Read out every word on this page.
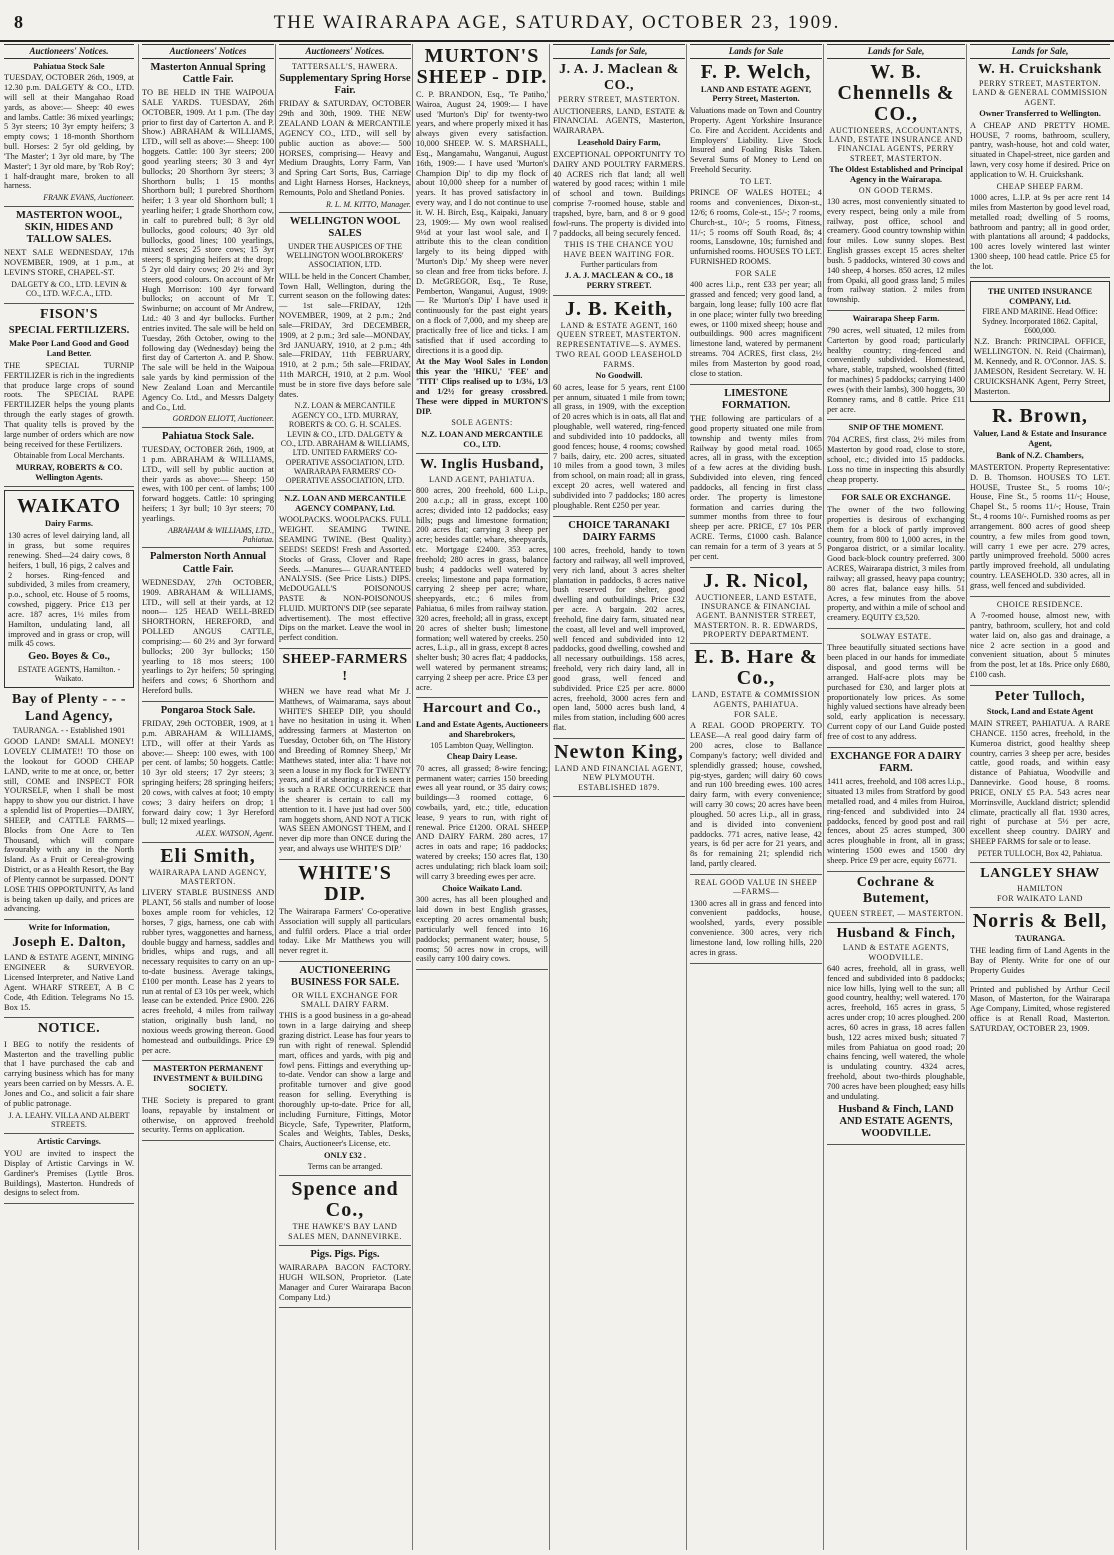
8	THE WAIRARAPA AGE, SATURDAY, OCTOBER 23, 1909.
Auctioneers' Notices.
Pahiatua Stock Sale
TUESDAY, OCTOBER 26th, 1909, at 12.30 p.m. DALGETY & CO., LTD. will sell at their Mangahao Road yards, as above:— Sheep: 40 ewes and lambs. Cattle: 36 mixed yearlings; 5 3yr steers; 10 3yr empty heifers; 3 empty cows; 1 18-month Shorthorn bull. Horses: 2 5yr old gelding, by 'The Master'; 1 3yr old mare, by 'The Master'; 1 3yr old mare, by 'Rob Roy'; 1 half-draught mare, broken to all harness.
FRANK EVANS, Auctioneer.
MASTERTON WOOL, SKIN, HIDES AND TALLOW SALES.
NEXT SALE WEDNESDAY, 17th NOVEMBER, 1909, at 1 p.m., at LEVIN'S STORE, CHAPEL-ST.
DALGETY & CO., LTD. LEVIN & CO., LTD. W.F.C.A., LTD.
FISON'S
SPECIAL FERTILIZERS.
Make Poor Land Good and Good Land Better.
THE SPECIAL TURNIP FERTILIZER is rich in the ingredients that produce large crops of sound roots. The SPECIAL RAPE FERTILIZER helps the young plants through the early stages of growth. That quality tells is proved by the large number of orders which are now being received for these Fertilizers.
Obtainable from Local Merchants.
MURRAY, ROBERTS & CO. Wellington Agents.
WAIKATO
Dairy Farms.
130 acres of level dairying land, all in grass, but some requires renewing. Shed—24 dairy cows, 8 heifers, 1 bull, 16 pigs, 2 calves and 2 horses. Ring-fenced and subdivided, 3 miles from creamery, p.o., school, etc. House of 5 rooms, cowshed, piggery. Price £13 per acre. 187 acres, 1½ miles from Hamilton, undulating land, all improved and in grass or crop, will milk 45 cows.
Geo. Boyes & Co.,
ESTATE AGENTS, Hamilton. - Waikato.
Bay of Plenty - - - Land Agency,
TAURANGA. - - Established 1901
GOOD LAND! SMALL MONEY! LOVELY CLIMATE!! TO those on the lookout for GOOD CHEAP LAND, write to me at once, or, better still, COME and INSPECT FOR YOURSELF, when I shall be most happy to show you our district. I have a splendid list of Properties—DAIRY, SHEEP, and CATTLE FARMS—Blocks from One Acre to Ten Thousand, which will compare favourably with any in the North Island. As a Fruit or Cereal-growing District, or as a Health Resort, the Bay of Plenty cannot be surpassed. DON'T LOSE THIS OPPORTUNITY, As land is being taken up daily, and prices are advancing.
Write for Information,
Joseph E. Dalton,
LAND & ESTATE AGENT, MINING ENGINEER & SURVEYOR. Licensed Interpreter, and Native Land Agent. WHARF STREET, A B C Code, 4th Edition. Telegrams No 15. Box 15.
NOTICE.
I BEG to notify the residents of Masterton and the travelling public that I have purchased the cab and carrying business which has for many years been carried on by Messrs. A. E. Jones and Co., and solicit a fair share of public patronage.
J. A. LEAHY. VILLA AND ALBERT STREETS.
Artistic Carvings.
YOU are invited to inspect the Display of Artistic Carvings in W. Gardiner's Premises (Lyttle Bros. Buildings), Masterton. Hundreds of designs to select from.
Auctioneers' Notices
Masterton Annual Spring Cattle Fair.
TO BE HELD IN THE WAIPOUA SALE YARDS. TUESDAY, 26th OCTOBER, 1909. At 1 p.m. (The day prior to first day of Carterton A. and P. Show.) ABRAHAM & WILLIAMS, LTD., will sell as above:— Sheep: 100 hoggets. Cattle: 100 3yr steers; 200 good yearling steers; 30 3 and 4yr bullocks; 20 Shorthorn 3yr steers; 3 Shorthorn bulls; 1 15 months Shorthorn bull; 1 purebred Shorthorn heifer; 1 3 year old Shorthorn bull; 1 yearling heifer; 1 grade Shorthorn cow, in calf to purebred bull; 8 3yr old bullocks, good colours; 40 3yr old bullocks, good lines; 100 yearlings, mixed sexes; 25 store cows; 15 3yr steers; 8 springing heifers at the drop; 5 2yr old dairy cows; 20 2½ and 3yr steers, good colours. On account of Mr Hugh Morrison: 100 4yr forward bullocks; on account of Mr T. Swinburne; on account of Mr Andrew, Ltd.: 40 3 and 4yr bullocks. Further entries invited. The sale will be held on Tuesday, 26th October, owing to the following day (Wednesday) being the first day of Carterton A. and P. Show. The sale will be held in the Waipoua sale yards by kind permission of the New Zealand Loan and Mercantile Agency Co. Ltd., and Messrs Dalgety and Co., Ltd.
GORDON ELIOTT, Auctioneer.
Pahiatua Stock Sale.
TUESDAY, OCTOBER 26th, 1909, at 1 p.m. ABRAHAM & WILLIAMS, LTD., will sell by public auction at their yards as above:— Sheep: 150 ewes, with 100 per cent. of lambs; 100 forward hoggets. Cattle: 10 springing heifers; 1 3yr bull; 10 3yr steers; 70 yearlings.
ABRAHAM & WILLIAMS, LTD., Pahiatua.
Palmerston North Annual Cattle Fair.
WEDNESDAY, 27th OCTOBER, 1909. ABRAHAM & WILLIAMS, LTD., will sell at their yards, at 12 noon— 125 HEAD WELL-BRED SHORTHORN, HEREFORD, and POLLED ANGUS CATTLE, comprising:— 60 2½ and 3yr forward bullocks; 200 3yr bullocks; 150 yearling to 18 mos steers; 100 yearlings to 2yr heifers; 50 springing heifers and cows; 6 Shorthorn and Hereford bulls.
Pongaroa Stock Sale.
FRIDAY, 29th OCTOBER, 1909, at 1 p.m. ABRAHAM & WILLIAMS, LTD., will offer at their Yards as above:— Sheep: 100 ewes, with 100 per cent. of lambs; 50 hoggets. Cattle: 10 3yr old steers; 17 2yr steers; 3 springing heifers; 28 springing heifers; 20 cows, with calves at foot; 10 empty cows; 3 dairy heifers on drop; 1 forward dairy cow; 1 3yr Hereford bull; 12 mixed yearlings.
ALEX. WATSON, Agent.
Eli Smith,
WAIRARAPA LAND AGENCY, MASTERTON.
LIVERY STABLE BUSINESS AND PLANT, 56 stalls and number of loose boxes ample room for vehicles, 12 horses, 7 gigs, harness, one cab with rubber tyres, waggonettes and harness, double buggy and harness, saddles and bridles, whips and rugs, and all necessary requisites to carry on an up-to-date business. Average takings, £100 per month. Lease has 2 years to run at rental of £3 10s per week, which lease can be extended. Price £900. 226 acres freehold, 4 miles from railway station, originally bush land, no noxious weeds growing thereon. Good homestead and outbuildings. Price £9 per acre.
MASTERTON PERMANENT INVESTMENT & BUILDING SOCIETY.
THE Society is prepared to grant loans, repayable by instalment or otherwise, on approved freehold security. Terms on application.
Auctioneers' Notices.
TATTERSALL'S, HAWERA.
Supplementary Spring Horse Fair.
FRIDAY & SATURDAY, OCTOBER 29th and 30th, 1909. THE NEW ZEALAND LOAN & MERCANTILE AGENCY CO., LTD., will sell by public auction as above:— 500 HORSES, comprising— Heavy and Medium Draughts, Lorry Farm, Van and Spring Cart Sorts, Bus, Carriage and Light Harness Horses, Hackneys, Remounts, Polo and Shetland Ponies.
R. L. M. KITTO, Manager.
WELLINGTON WOOL SALES
UNDER THE AUSPICES OF THE WELLINGTON WOOLBROKERS' ASSOCIATION, LTD.
WILL be held in the Concert Chamber, Town Hall, Wellington, during the current season on the following dates:— 1st sale—FRIDAY, 12th NOVEMBER, 1909, at 2 p.m.; 2nd sale—FRIDAY, 3rd DECEMBER, 1909, at 2 p.m.; 3rd sale—MONDAY, 3rd JANUARY, 1910, at 2 p.m.; 4th sale—FRIDAY, 11th FEBRUARY, 1910, at 2 p.m.; 5th sale—FRIDAY, 11th MARCH, 1910, at 2 p.m. Wool must be in store five days before sale dates.
N.Z. LOAN & MERCANTILE AGENCY CO., LTD. MURRAY, ROBERTS & CO. G. H. SCALES. LEVIN & CO., LTD. DALGETY & CO., LTD. ABRAHAM & WILLIAMS, LTD. UNITED FARMERS' CO-OPERATIVE ASSOCIATION, LTD. WAIRARAPA FARMERS' CO-OPERATIVE ASSOCIATION, LTD.
N.Z. LOAN AND MERCANTILE AGENCY COMPANY, Ltd.
WOOLPACKS. WOOLPACKS. FULL WEIGHT. SEAMING TWINE. SEAMING TWINE. (Best Quality.) SEEDS! SEEDS! Fresh and Assorted. Stocks of Grass, Clover and Rape Seeds. —Manures— GUARANTEED ANALYSIS. (See Price Lists.) DIPS. McDOUGALL'S POISONOUS PASTE & NON-POISONOUS FLUID. MURTON'S DIP (see separate advertisement). The most effective Dips on the market. Leave the wool in perfect condition.
SHEEP-FARMERS !
WHEN we have read what Mr J. Matthews, of Waimarama, says about WHITE'S SHEEP DIP, you should have no hesitation in using it. When addressing farmers at Masterton on Tuesday, October 6th, on 'The History and Breeding of Romney Sheep,' Mr Matthews stated, inter alia: 'I have not seen a louse in my flock for TWENTY years, and if at shearing a tick is seen it is such a RARE OCCURRENCE that the shearer is certain to call my attention to it. I have just had over 500 ram hoggets shorn, AND NOT A TICK WAS SEEN AMONGST THEM, and I never dip more than ONCE during the year, and always use WHITE'S DIP.'
WHITE'S DIP.
The Wairarapa Farmers' Co-operative Association will supply all particulars and fulfil orders. Place a trial order today. Like Mr Matthews you will never regret it.
AUCTIONEERING BUSINESS FOR SALE.
OR WILL EXCHANGE FOR SMALL DAIRY FARM.
THIS is a good business in a go-ahead town in a large dairying and sheep grazing district. Lease has four years to run with right of renewal. Splendid mart, offices and yards, with pig and fowl pens. Fittings and everything up-to-date. Vendor can show a large and profitable turnover and give good reason for selling. Everything is thoroughly up-to-date. Price for all, including Furniture, Fittings, Motor Bicycle, Safe, Typewriter, Platform, Scales and Weights, Tables, Desks, Chairs, Auctioneer's License, etc.
ONLY £32 .
Terms can be arranged.
Spence and Co.,
THE HAWKE'S BAY LAND SALES MEN, DANNEVIRKE.
Pigs. Pigs. Pigs.
WAIRARAPA BACON FACTORY. HUGH WILSON, Proprietor. (Late Manager and Curer Wairarapa Bacon Company Ltd.)
MURTON'S SHEEP - DIP.
C. P. BRANDON, Esq., 'Te Patiho,' Wairoa, August 24, 1909:— I have used 'Murton's Dip' for twenty-two years, and where properly mixed it has always given every satisfaction. 10,000 SHEEP. W. S. MARSHALL, Esq., Mangamahu, Wanganui, August 16th, 1909:— I have used 'Murton's Champion Dip' to dip my flock of about 10,000 sheep for a number of years. It has proved satisfactory in every way, and I do not continue to use it. W. H. Birch, Esq., Kaipaki, January 23, 1909:— My own wool realised 9½d at your last wool sale, and I attribute this to the clean condition largely to its being dipped with 'Murton's Dip.' My sheep were never so clean and free from ticks before. J. D. McGREGOR, Esq., Te Ruse, Pemberton, Wanganui, August, 1909:— Re 'Murton's Dip' I have used it continuously for the past eight years on a flock of 7,000, and my sheep are practically free of lice and ticks. I am satisfied that if used according to directions it is a good dip.
At the May Wool Sales in London this year the 'HIKU,' 'FEE' and 'TITI' Clips realised up to 1/3¼, 1/3 and 1/2½ for greasy crossbred. These were dipped in MURTON'S DIP.
SOLE AGENTS:
N.Z. LOAN AND MERCANTILE CO., LTD.
W. Inglis Husband,
LAND AGENT, PAHIATUA.
800 acres, 200 freehold, 600 L.i.p., 200 a.c.p.; all in grass, except 100 acres; divided into 12 paddocks; easy hills; pugs and limestone formation; 200 acres flat; carrying 3 sheep per acre; besides cattle; whare, sheepyards, etc. Mortgage £2400. 353 acres, freehold; 280 acres in grass, balance bush; 4 paddocks well watered by creeks; limestone and papa formation; carrying 2 sheep per acre; whare, sheepyards, etc.; 6 miles from Pahiatua, 6 miles from railway station. 320 acres, freehold; all in grass, except 20 acres of shelter bush; limestone formation; well watered by creeks. 250 acres, L.i.p., all in grass, except 8 acres shelter bush; 30 acres flat; 4 paddocks, well watered by permanent streams; carrying 2 sheep per acre. Price £3 per acre.
Harcourt and Co.,
Land and Estate Agents, Auctioneers and Sharebrokers,
105 Lambton Quay, Wellington.
Cheap Dairy Lease.
70 acres, all grassed; 8-wire fencing; permanent water; carries 150 breeding ewes all year round, or 35 dairy cows; buildings—3 roomed cottage, 6 cowbails, yard, etc.; title, education lease, 9 years to run, with right of renewal. Price £1200. ORAL SHEEP AND DAIRY FARM. 280 acres, 17 acres in oats and rape; 16 paddocks; watered by creeks; 150 acres flat, 130 acres undulating; rich black loam soil; will carry 3 breeding ewes per acre.
Choice Waikato Land.
300 acres, has all been ploughed and laid down in best English grasses, excepting 20 acres ornamental bush; particularly well fenced into 16 paddocks; permanent water; house, 5 rooms; 50 acres now in crops, will easily carry 100 dairy cows.
Lands for Sale,
J. A. J. Maclean & CO.,
PERRY STREET, MASTERTON.
AUCTIONEERS, LAND, ESTATE & FINANCIAL AGENTS, Masterton, WAIRARAPA.
Leasehold Dairy Farm,
EXCEPTIONAL OPPORTUNITY TO DAIRY AND POULTRY FARMERS. 40 ACRES rich flat land; all well watered by good races; within 1 mile of school and town. Buildings comprise 7-roomed house, stable and trapshed, byre, barn, and 8 or 9 good fowl-runs. The property is divided into 7 paddocks, all being securely fenced.
THIS IS THE CHANCE YOU HAVE BEEN WAITING FOR.
Further particulars from
J. A. J. MACLEAN & CO., 18 PERRY STREET.
J. B. Keith,
LAND & ESTATE AGENT, 160 QUEEN STREET, MASTERTON. REPRESENTATIVE—S. AYMES.
TWO REAL GOOD LEASEHOLD FARMS.
No Goodwill.
60 acres, lease for 5 years, rent £100 per annum, situated 1 mile from town; all grass, in 1909, with the exception of 20 acres which is in oats, all flat and ploughable, well watered, ring-fenced and subdivided into 10 paddocks, all good fences; house, 4 rooms; cowshed 7 bails, dairy, etc. 200 acres, situated 10 miles from a good town, 3 miles from school, on main road; all in grass, except 20 acres, well watered and subdivided into 7 paddocks; 180 acres ploughable. Rent £250 per year.
CHOICE TARANAKI DAIRY FARMS
100 acres, freehold, handy to town factory and railway, all well improved, very rich land, about 3 acres shelter plantation in paddocks, 8 acres native bush reserved for shelter, good dwelling and outbuildings. Price £32 per acre. A bargain. 202 acres, freehold, fine dairy farm, situated near the coast, all level and well improved, well fenced and subdivided into 12 paddocks, good dwelling, cowshed and all necessary outbuildings. 158 acres, freehold, very rich dairy land, all in good grass, well fenced and subdivided. Price £25 per acre. 8000 acres, freehold, 3000 acres fern and open land, 5000 acres bush land, 4 miles from station, including 600 acres flat.
Newton King,
LAND AND FINANCIAL AGENT, NEW PLYMOUTH. ESTABLISHED 1879.
Lands for Sale
F. P. Welch,
LAND AND ESTATE AGENT, Perry Street, Masterton.
Valuations made on Town and Country Property. Agent Yorkshire Insurance Co. Fire and Accident. Accidents and Employers' Liability. Live Stock Insured and Foaling Risks Taken. Several Sums of Money to Lend on Freehold Security.
TO LET.
PRINCE OF WALES HOTEL; 4 rooms and conveniences, Dixon-st., 12/6; 6 rooms, Cole-st., 15/-; 7 rooms, Church-st., 10/-; 5 rooms, Fitness, 11/-; 5 rooms off South Road, 8s; 4 rooms, Lansdowne, 10s; furnished and unfurnished rooms. HOUSES TO LET. FURNISHED ROOMS.
FOR SALE
400 acres l.i.p., rent £33 per year; all grassed and fenced; very good land, a bargain, long lease; fully 100 acre flat in one place; winter fully two breeding ewes, or 1100 mixed sheep; house and outbuildings. 900 acres magnificent limestone land, watered by permanent streams. 704 ACRES, first class, 2½ miles from Masterton by good road, close to station.
LIMESTONE FORMATION.
THE following are particulars of a good property situated one mile from township and twenty miles from Railway by good metal road. 1065 acres, all in grass, with the exception of a few acres at the dividing bush. Subdivided into eleven, ring fenced paddocks, all fencing in first class order. The property is limestone formation and carries during the summer months from three to four sheep per acre. PRICE, £7 10s PER ACRE. Terms, £1000 cash. Balance can remain for a term of 3 years at 5 per cent.
J. R. Nicol,
AUCTIONEER, LAND ESTATE, INSURANCE & FINANCIAL AGENT. BANNISTER STREET, MASTERTON. R. R. EDWARDS, PROPERTY DEPARTMENT.
E. B. Hare & Co.,
LAND, ESTATE & COMMISSION AGENTS, PAHIATUA.
FOR SALE.
A REAL GOOD PROPERTY. TO LEASE—A real good dairy farm of 200 acres, close to Ballance Company's factory; well divided and splendidly grassed; house, cowshed, pig-styes, garden; will dairy 60 cows and run 100 breeding ewes. 100 acres dairy farm, with every convenience; will carry 30 cows; 20 acres have been ploughed. 50 acres l.i.p., all in grass, and is divided into convenient paddocks. 771 acres, native lease, 42 years, is 6d per acre for 21 years, and 8s for remaining 21; splendid rich land, partly cleared.
REAL GOOD VALUE IN SHEEP —FARMS—
1300 acres all in grass and fenced into convenient paddocks, house, woolshed, yards, every possible convenience. 300 acres, very rich limestone land, low rolling hills, 220 acres in grass.
Lands for Sale,
W. B. Chennells & CO.,
AUCTIONEERS, ACCOUNTANTS, LAND, ESTATE INSURANCE AND FINANCIAL AGENTS, PERRY STREET, MASTERTON.
The Oldest Established and Principal Agency in the Wairarapa.
ON GOOD TERMS.
130 acres, most conveniently situated to every respect, being only a mile from railway, post office, school and creamery. Good country township within four miles. Low sunny slopes. Best English grasses except 15 acres shelter bush. 5 paddocks, wintered 30 cows and 140 sheep, 4 horses. 850 acres, 12 miles from Opaki, all good grass land; 5 miles from railway station. 2 miles from township.
Wairarapa Sheep Farm.
790 acres, well situated, 12 miles from Carterton by good road; particularly healthy country; ring-fenced and conveniently subdivided. Homestead, whare, stable, trapshed, woolshed (fitted for machines) 5 paddocks; carrying 1400 ewes (with their lambs), 300 hoggets, 30 Romney rams, and 8 cattle. Price £11 per acre.
SNIP OF THE MOMENT.
704 ACRES, first class, 2½ miles from Masterton by good road, close to store, school, etc.; divided into 15 paddocks. Loss no time in inspecting this absurdly cheap property.
FOR SALE OR EXCHANGE.
The owner of the two following properties is desirous of exchanging them for a block of partly improved country, from 800 to 1,000 acres, in the Pongaroa district, or a similar locality. Good back-block country preferred. 300 ACRES, Wairarapa district, 3 miles from railway; all grassed, heavy papa country; 80 acres flat, balance easy hills. 51 Acres, a few minutes from the above property, and within a mile of school and creamery. EQUITY £3,520.
SOLWAY ESTATE.
Three beautifully situated sections have been placed in our hands for immediate disposal, and good terms will be arranged. Half-acre plots may be purchased for £30, and larger plots at proportionately low prices. As some highly valued sections have already been sold, early application is necessary. Current copy of our Land Guide posted free of cost to any address.
EXCHANGE FOR A DAIRY FARM.
1411 acres, freehold, and 108 acres l.i.p., situated 13 miles from Stratford by good metalled road, and 4 miles from Huiroa, ring-fenced and subdivided into 24 paddocks, fenced by good post and rail fences, about 25 acres stumped, 300 acres ploughable in front, all in grass; wintering 1500 ewes and 1500 dry sheep. Price £9 per acre, equity £6771.
Cochrane & Butement,
QUEEN STREET, — MASTERTON.
Husband & Finch,
LAND & ESTATE AGENTS, WOODVILLE.
640 acres, freehold, all in grass, well fenced and subdivided into 8 paddocks; nice low hills, lying well to the sun; all good country, healthy; well watered. 170 acres, freehold, 165 acres in grass, 5 acres under crop; 10 acres ploughed. 200 acres, 60 acres in grass, 18 acres fallen bush, 122 acres mixed bush; situated 7 miles from Pahiatua on good road; 20 chains fencing, well watered, the whole is undulating country. 4324 acres, freehold, about two-thirds ploughable, 700 acres have been ploughed; easy hills and undulating.
Husband & Finch, LAND AND ESTATE AGENTS, WOODVILLE.
Lands for Sale,
W. H. Cruickshank
PERRY STREET, MASTERTON. LAND & GENERAL COMMISSION AGENT.
Owner Transferred to Wellington.
A CHEAP AND PRETTY HOME. HOUSE, 7 rooms, bathroom, scullery, pantry, wash-house, hot and cold water, situated in Chapel-street, nice garden and lawn, very cosy home if desired. Price on application to W. H. Cruickshank.
CHEAP SHEEP FARM.
1000 acres, L.I.P. at 9s per acre rent 14 miles from Masterton by good level road, metalled road; dwelling of 5 rooms, bathroom and pantry; all in good order, with plantations all around; 4 paddocks, 100 acres lovely wintered last winter 1300 sheep, 100 head cattle. Price £5 for the lot.
THE UNITED INSURANCE COMPANY, Ltd.
FIRE AND MARINE. Head Office: Sydney. Incorporated 1862. Capital, £600,000.
N.Z. Branch: PRINCIPAL OFFICE, WELLINGTON. N. Reid (Chairman), M. Kennedy, and R. O'Connor. JAS. S. JAMESON, Resident Secretary. W. H. CRUICKSHANK Agent, Perry Street, Masterton.
R. Brown,
Valuer, Land & Estate and Insurance Agent,
Bank of N.Z. Chambers,
MASTERTON. Property Representative: D. B. Thomson. HOUSES TO LET. HOUSE, Trustee St., 5 rooms 10/-; House, Fine St., 5 rooms 11/-; House, Chapel St., 5 rooms 11/-; House, Train St., 4 rooms 10/-. Furnished rooms as per arrangement. 800 acres of good sheep country, a few miles from good town, will carry 1 ewe per acre. 279 acres, partly unimproved freehold. 5000 acres partly improved freehold, all undulating country. LEASEHOLD. 330 acres, all in grass, well fenced and subdivided.
CHOICE RESIDENCE.
A 7-roomed house, almost new, with pantry, bathroom, scullery, hot and cold water laid on, also gas and drainage, a nice 2 acre section in a good and convenient situation, about 5 minutes from the post, let at 18s. Price only £680, £100 cash.
Peter Tulloch,
Stock, Land and Estate Agent
MAIN STREET, PAHIATUA. A RARE CHANCE. 1150 acres, freehold, in the Kumeroa district, good healthy sheep country, carries 3 sheep per acre, besides cattle, good roads, and within easy distance of Pahiatua, Woodville and Dannevirke. Good house, 8 rooms. PRICE, ONLY £5 P.A. 543 acres near Morrinsville, Auckland district; splendid climate, practically all flat. 1930 acres, right of purchase at 5½ per acre, excellent sheep country. DAIRY and SHEEP FARMS for sale or to lease.
PETER TULLOCH, Box 42, Pahiatua.
LANGLEY SHAW
HAMILTON
FOR WAIKATO LAND
Norris & Bell,
TAURANGA.
THE leading firm of Land Agents in the Bay of Plenty. Write for one of our Property Guides
Printed and published by Arthur Cecil Mason, of Masterton, for the Wairarapa Age Company, Limited, whose registered office is at Renall Road, Masterton. SATURDAY, OCTOBER 23, 1909.
